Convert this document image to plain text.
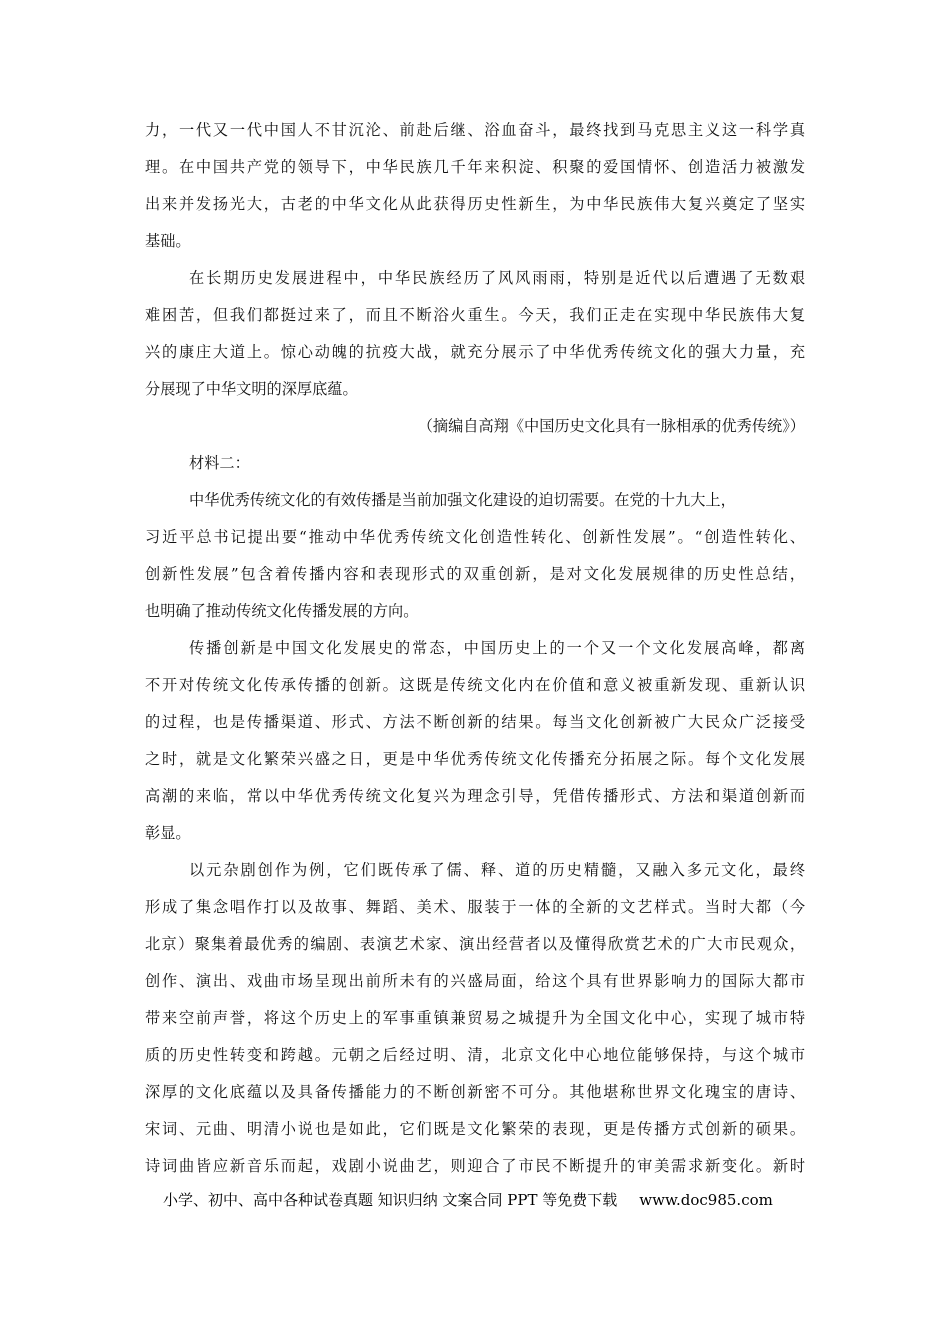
力，一代又一代中国人不甘沉沦、前赴后继、浴血奋斗，最终找到马克思主义这一科学真
理。在中国共产党的领导下，中华民族几千年来积淀、积聚的爱国情怀、创造活力被激发
出来并发扬光大，古老的中华文化从此获得历史性新生，为中华民族伟大复兴奠定了坚实
基础。
在长期历史发展进程中，中华民族经历了风风雨雨，特别是近代以后遭遇了无数艰
难困苦，但我们都挺过来了，而且不断浴火重生。今天，我们正走在实现中华民族伟大复
兴的康庄大道上。惊心动魄的抗疫大战，就充分展示了中华优秀传统文化的强大力量，充
分展现了中华文明的深厚底蕴。
（摘编自高翔《中国历史文化具有一脉相承的优秀传统》）
材料二：
中华优秀传统文化的有效传播是当前加强文化建设的迫切需要。在党的十九大上，
习近平总书记提出要“推动中华优秀传统文化创造性转化、创新性发展”。“创造性转化、
创新性发展”包含着传播内容和表现形式的双重创新，是对文化发展规律的历史性总结，
也明确了推动传统文化传播发展的方向。
传播创新是中国文化发展史的常态，中国历史上的一个又一个文化发展高峰，都离
不开对传统文化传承传播的创新。这既是传统文化内在价值和意义被重新发现、重新认识
的过程，也是传播渠道、形式、方法不断创新的结果。每当文化创新被广大民众广泛接受
之时，就是文化繁荣兴盛之日，更是中华优秀传统文化传播充分拓展之际。每个文化发展
高潮的来临，常以中华优秀传统文化复兴为理念引导，凭借传播形式、方法和渠道创新而
彰显。
以元杂剧创作为例，它们既传承了儒、释、道的历史精髓，又融入多元文化，最终
形成了集念唱作打以及故事、舞蹈、美术、服装于一体的全新的文艺样式。当时大都（今
北京）聚集着最优秀的编剧、表演艺术家、演出经营者以及懂得欣赏艺术的广大市民观众，
创作、演出、戏曲市场呈现出前所未有的兴盛局面，给这个具有世界影响力的国际大都市
带来空前声誉，将这个历史上的军事重镇兼贸易之城提升为全国文化中心，实现了城市特
质的历史性转变和跨越。元朝之后经过明、清，北京文化中心地位能够保持，与这个城市
深厚的文化底蕴以及具备传播能力的不断创新密不可分。其他堪称世界文化瑰宝的唐诗、
宋词、元曲、明清小说也是如此，它们既是文化繁荣的表现，更是传播方式创新的硕果。
诗词曲皆应新音乐而起，戏剧小说曲艺，则迎合了市民不断提升的审美需求新变化。新时
小学、初中、高中各种试卷真题 知识归纳 文案合同 PPT 等免费下载 www.doc985.com
